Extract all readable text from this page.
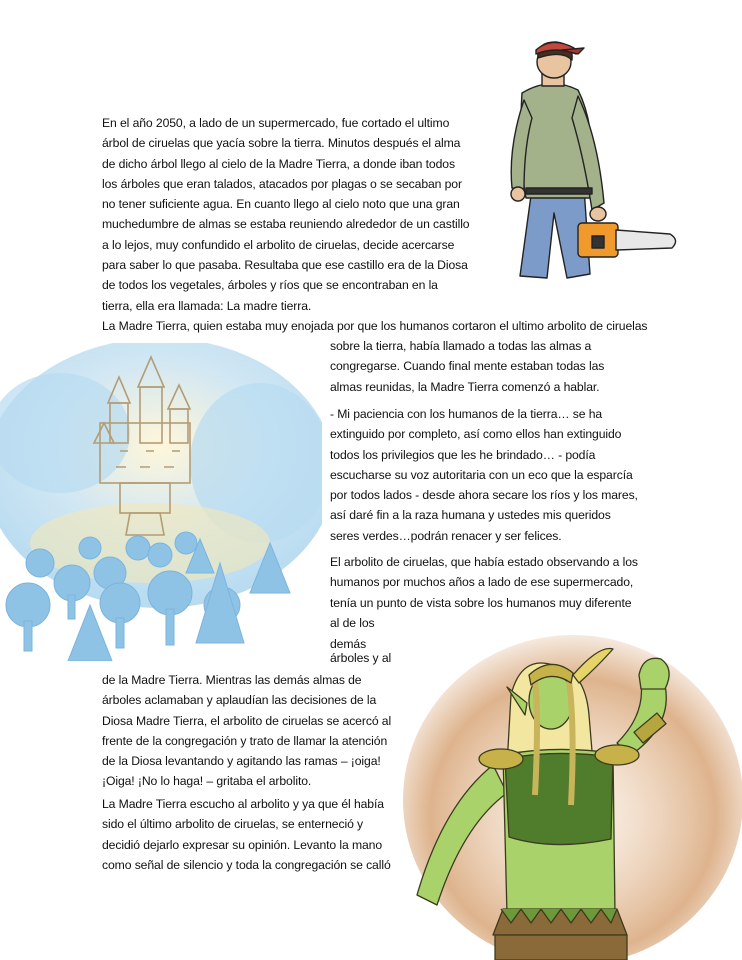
En el año 2050, a lado de un supermercado, fue cortado el ultimo árbol de ciruelas que yacía sobre la tierra. Minutos después el alma de dicho árbol llego al cielo de la Madre Tierra, a donde iban todos los árboles que eran talados, atacados por plagas o se secaban por no tener suficiente agua. En cuanto llego al cielo noto que una gran muchedumbre de almas se estaba reuniendo alrededor de un castillo a lo lejos, muy confundido el arbolito de ciruelas, decide acercarse para saber lo que pasaba. Resultaba que ese castillo era de la Diosa de todos los vegetales, árboles y ríos que se encontraban en la tierra, ella era llamada: La madre tierra.

La Madre Tierra, quien estaba muy enojada por que los humanos cortaron el ultimo arbolito de ciruelas

sobre la tierra, había llamado a todas las almas a congregarse. Cuando final mente estaban todas las almas reunidas, la Madre Tierra comenzó a hablar.

- Mi paciencia con los humanos de la tierra… se ha extinguido por completo, así como ellos han extinguido todos los privilegios que les he brindado… - podía escucharse su voz autoritaria con un eco que la esparcía por todos lados - desde ahora secare los ríos y los mares, así daré fin a la raza humana y ustedes mis queridos seres verdes…podrán renacer y ser felices.

El arbolito de ciruelas, que había estado observando a los humanos por muchos años a lado de ese supermercado, tenía un punto de vista sobre los humanos muy diferente al de los

demás

árboles y al

de la Madre Tierra. Mientras las demás almas de árboles aclamaban y aplaudían las decisiones de la Diosa Madre Tierra, el arbolito de ciruelas se acercó al frente de la congregación y trato de llamar la atención de la Diosa levantando y agitando las ramas – ¡oiga! ¡Oiga! ¡No lo haga! – gritaba el arbolito.

La Madre Tierra escucho al arbolito y ya que él había sido el último arbolito de ciruelas, se enterneció y decidió dejarlo expresar su opinión. Levanto la mano como señal de silencio y toda la congregación se calló
